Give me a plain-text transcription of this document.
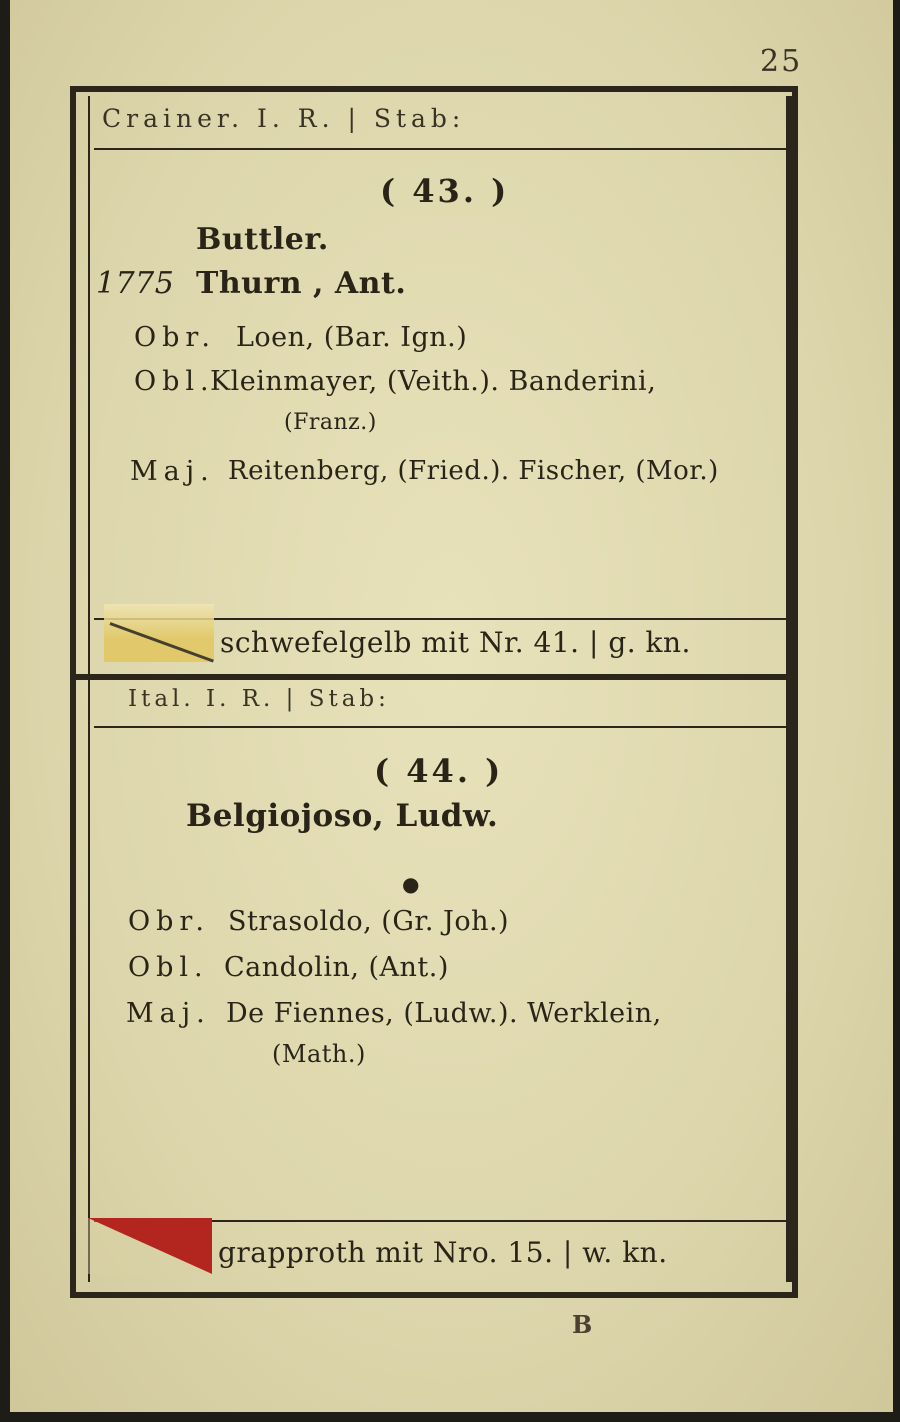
25
Crainer. I. R. | Stab:
( 43. )
Buttler.
1775 Thurn , Ant.
Obr. Loen, (Bar. Ign.)
Obl.
Kleinmayer, (Veith.). Banderini,
(Franz.)
Maj. Reitenberg, (Fried.). Fischer, (Mor.)
schwefelgelb mit Nr. 41. | g. kn.
Ital. I. R. | Stab:
( 44. )
Belgiojoso, Ludw.
●
Obr. Strasoldo, (Gr. Joh.)
Obl. Candolin, (Ant.)
Maj. De Fiennes, (Ludw.). Werklein,
(Math.)
grapproth mit Nro. 15. | w. kn.
B
